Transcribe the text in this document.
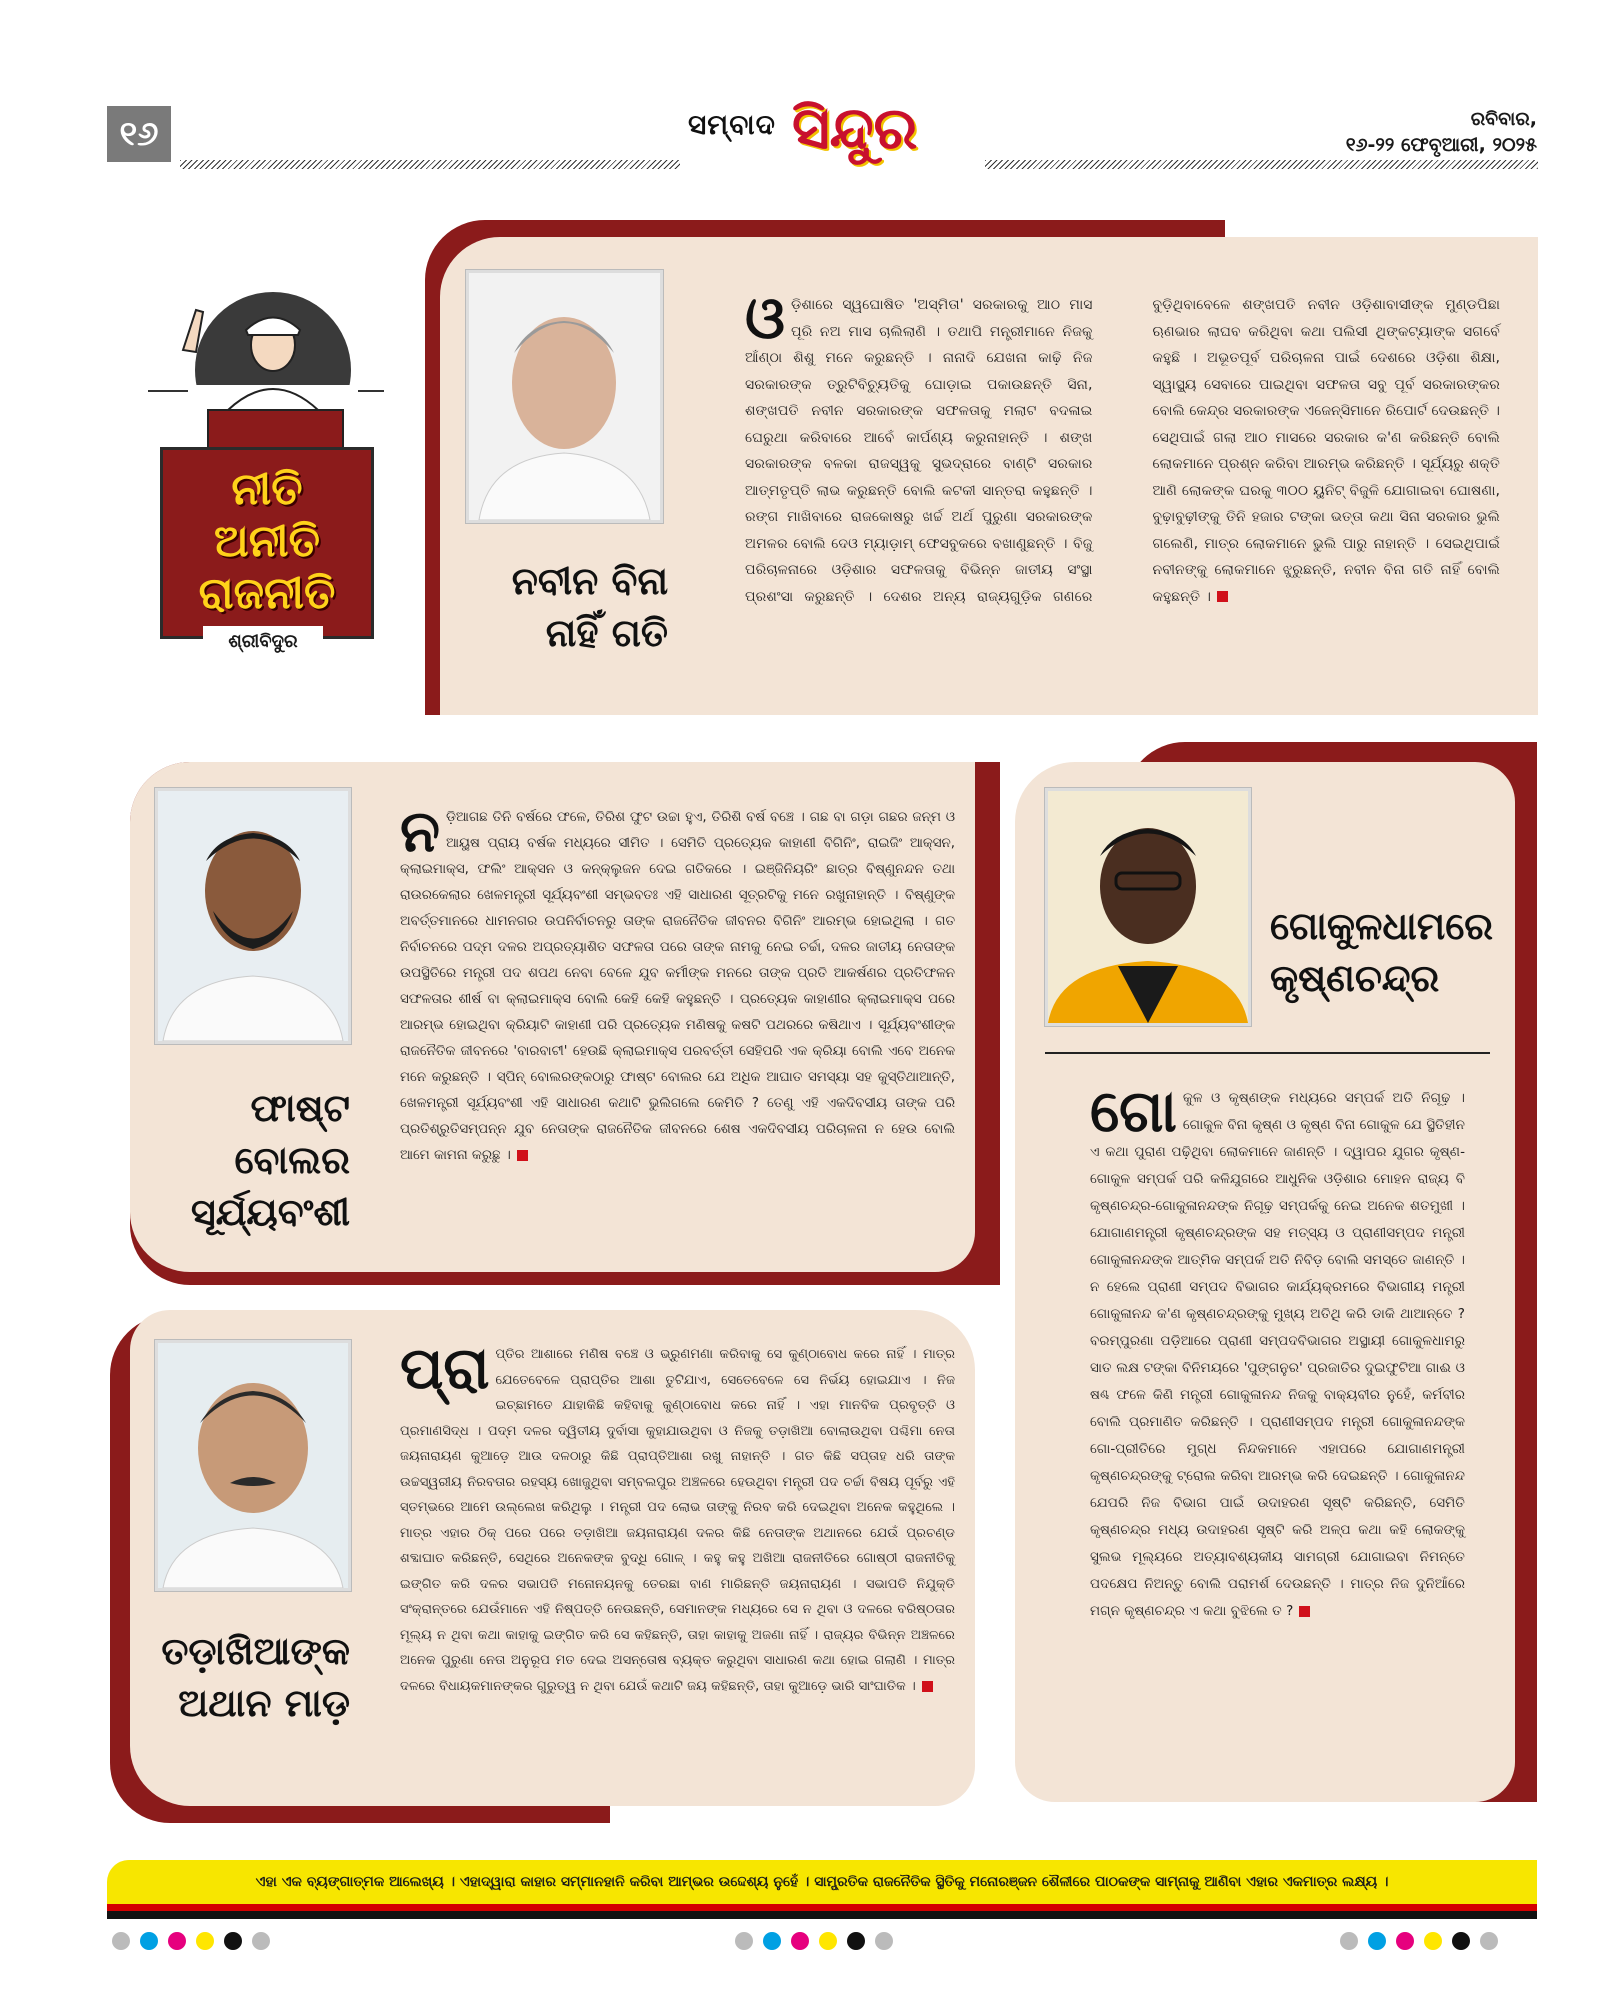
୧୬	ସମ୍ବାଦ ସିନ୍ଦୁର	ରବିବାର,
୧୬-୨୨ ଫେବୃଆରୀ, ୨୦୨୫
ନୀତି
ଅନୀତି
ରାଜନୀତି
ଶ୍ରୀବିଦୁର
ନବୀନ ବିନା
ନାହିଁ ଗତି
ଓଡ଼ିଶାରେ ସ୍ୱଘୋଷିତ 'ଅସ୍ମିତା' ସରକାରକୁ ଆଠ ମାସ ପୂରି ନଅ ମାସ ଚାଲିଲାଣି । ତଥାପି ମନ୍ତ୍ରୀମାନେ ନିଜକୁ ଆଁଣ୍ଠା ଶିଶୁ ମନେ କରୁଛନ୍ତି । ନାନାଦି ଯେଖନା କାଢ଼ି ନିଜ ସରକାରଙ୍କ ତ୍ରୁଟିବିଚ୍ୟୁତିକୁ ଘୋଡ଼ାଇ ପକାଉଛନ୍ତି ସିନା, ଶଙ୍ଖପତି ନବୀନ ସରକାରଙ୍କ ସଫଳତାକୁ ମଲାଟ ବଦଳାଇ ଘେରୁଥା କରିବାରେ ଆବେଁ କାର୍ପଣ୍ୟ କରୁନାହାନ୍ତି । ଶଙ୍ଖ ସରକାରଙ୍କ ବଳକା ରାଜସ୍ୱକୁ ସୁଭଦ୍ରାରେ ବାଣ୍ଟି ସରକାର ଆତ୍ମତୃପ୍ତି ଲାଭ କରୁଛନ୍ତି ବୋଲି କଟକୀ ସାନ୍ତରା କହୁଛନ୍ତି । ରଙ୍ଗ ମାଖିବାରେ ରାଜକୋଷରୁ ଖର୍ଚ୍ଚ ଅର୍ଥ ପୁରୁଣା ସରକାରଙ୍କ ଅମଳର ବୋଲି ଦେଓ ମ୍ୟାଡ଼ାମ୍ ଫେସବୁକରେ ବଖାଣୁଛନ୍ତି । ବିଜୁ ପରିଚାଳନାରେ ଓଡ଼ିଶାର ସଫଳତାକୁ ବିଭିନ୍ନ ଜାତୀୟ ସଂସ୍ଥା ପ୍ରଶଂସା କରୁଛନ୍ତି । ଦେଶର ଅନ୍ୟ ରାଜ୍ୟଗୁଡ଼ିକ ଗଣରେ ବୁଡ଼ିଥିବାବେଳେ ଶଙ୍ଖପତି ନବୀନ ଓଡ଼ିଶାବାସୀଙ୍କ ମୁଣ୍ଡପିଛା ଋଣଭାର ଲାଘବ କରିଥିବା କଥା ପଲିସୀ ଥିଙ୍କଟ୍ୟାଙ୍କ ସଗର୍ବେ କହୁଛି । ଅଭୂତପୂର୍ବ ପରିଚାଳନା ପାଇଁ ଦେଶରେ ଓଡ଼ିଶା ଶିକ୍ଷା, ସ୍ୱାସ୍ଥ୍ୟ ସେବାରେ ପାଇଥିବା ସଫଳତା ସବୁ ପୂର୍ବ ସରକାରଙ୍କର ବୋଲି କେନ୍ଦ୍ର ସରକାରଙ୍କ ଏଜେନ୍ସିମାନେ ରିପୋର୍ଟ ଦେଉଛନ୍ତି । ସେଥିପାଇଁ ଗଲା ଆଠ ମାସରେ ସରକାର କ'ଣ କରିଛନ୍ତି ବୋଲି ଲୋକମାନେ ପ୍ରଶ୍ନ କରିବା ଆରମ୍ଭ କରିଛନ୍ତି । ସୂର୍ଯ୍ୟରୁ ଶକ୍ତି ଆଣି ଲୋକଙ୍କ ଘରକୁ ୩୦୦ ୟୁନିଟ୍ ବିଜୁଳି ଯୋଗାଇବା ଘୋଷଣା, ବୁଢ଼ାବୁଢ଼ୀଙ୍କୁ ତିନି ହଜାର ଟଙ୍କା ଭତ୍ତା କଥା ସିନା ସରକାର ଭୁଲି ଗଲେଣି, ମାତ୍ର ଲୋକମାନେ ଭୁଲି ପାରୁ ନାହାନ୍ତି । ସେଇଥିପାଇଁ ନବୀନଙ୍କୁ ଲୋକମାନେ ଝୁରୁଛନ୍ତି, ନବୀନ ବିନା ଗତି ନାହିଁ ବୋଲି କହୁଛନ୍ତି ।
ଫାଷ୍ଟ ବୋଲର
ସୂର୍ଯ୍ୟବଂଶୀ
ନଡ଼ିଆଗଛ ତିନି ବର୍ଷରେ ଫଳେ, ତିରିଶ ଫୁଟ ଉଚ୍ଚା ହୁଏ, ତିରିଶି ବର୍ଷ ବଞ୍ଚେ । ଗଛ ବା ଗଡ଼ା ଗଛର ଜନ୍ମ ଓ ଆୟୁଷ ପ୍ରାୟ ବର୍ଷକ ମଧ୍ୟରେ ସୀମିତ । ସେମିତି ପ୍ରତ୍ୟେକ କାହାଣୀ ବିଗିନିଂ, ରାଇଜିଂ ଆକ୍ସନ, କ୍ଲାଇମାକ୍ସ, ଫଲିଂ ଆକ୍ସନ ଓ କନ୍‌କ୍ଲୁଜନ ଦେଇ ଗତିକରେ । ଇଞ୍ଜିନିୟରିଂ ଛାତ୍ର ବିଷ୍ଣୁନନ୍ଦନ ତଥା ରାଉରକେଲାର ଖେଳମନ୍ତ୍ରୀ ସୂର୍ଯ୍ୟବଂଶୀ ସମ୍ଭବତଃ ଏହି ସାଧାରଣ ସୂତ୍ରଟିକୁ ମନେ ରଖୁନାହାନ୍ତି । ବିଷ୍ଣୁଙ୍କ ଅବର୍ତ୍ତମାନରେ ଧାମନଗର ଉପନିର୍ବାଚନରୁ ତାଙ୍କ ରାଜନୈତିକ ଜୀବନର ବିଗିନିଂ ଆରମ୍ଭ ହୋଇଥିଲା । ଗତ ନିର୍ବାଚନରେ ପଦ୍ମ ଦଳର ଅପ୍ରତ୍ୟାଶିତ ସଫଳତା ପରେ ତାଙ୍କ ନାମକୁ ନେଇ ଚର୍ଚ୍ଚା, ଦଳର ଜାତୀୟ ନେତାଙ୍କ ଉପସ୍ଥିତିରେ ମନ୍ତ୍ରୀ ପଦ ଶପଥ ନେବା ବେଳେ ଯୁବ କର୍ମୀଙ୍କ ମନରେ ତାଙ୍କ ପ୍ରତି ଆକର୍ଷଣର ପ୍ରତିଫଳନ ସଫଳତାର ଶୀର୍ଷ ବା କ୍ଲାଇମାକ୍ସ ବୋଲି କେହି କେହି କହୁଛନ୍ତି । ପ୍ରତ୍ୟେକ କାହାଣୀର କ୍ଲାଇମାକ୍ସ ପରେ ଆରମ୍ଭ ହୋଇଥିବା କ୍ରିୟାଟି କାହାଣୀ ପରି ପ୍ରତ୍ୟେକ ମଣିଷକୁ କଷଟି ପଥରରେ କଷିଥାଏ । ସୂର୍ଯ୍ୟବଂଶୀଙ୍କ ରାଜନୈତିକ ଜୀବନରେ 'ବାରବାଟୀ' ହେଉଛି କ୍ଲାଇମାକ୍ସ ପରବର୍ତ୍ତୀ ସେହିପରି ଏକ କ୍ରିୟା ବୋଲି ଏବେ ଅନେକ ମନେ କରୁଛନ୍ତି । ସ୍ପିନ୍ ବୋଲରଙ୍କଠାରୁ ଫାଷ୍ଟ ବୋଲର ଯେ ଅଧିକ ଆଘାତ ସମସ୍ୟା ସହ କୁସ୍ତିଥାଆନ୍ତି, ଖେଳମନ୍ତ୍ରୀ ସୂର୍ଯ୍ୟବଂଶୀ ଏହି ସାଧାରଣ କଥାଟି ଭୁଲିଗଲେ କେମିତି ? ତେଣୁ ଏହି ଏକଦିବସୀୟ ତାଙ୍କ ପରି ପ୍ରତିଶ୍ରୁତିସମ୍ପନ୍ନ ଯୁବ ନେତାଙ୍କ ରାଜନୈତିକ ଜୀବନରେ ଶେଷ ଏକଦିବସୀୟ ପରିଚାଳନା ନ ହେଉ ବୋଲି ଆମେ କାମନା କରୁଛୁ ।
ଗୋକୁଳଧାମରେ
କୃଷ୍ଣଚନ୍ଦ୍ର
ଗୋକୁଳ ଓ କୃଷ୍ଣଙ୍କ ମଧ୍ୟରେ ସମ୍ପର୍କ ଅତି ନିଗୂଢ଼ । ଗୋକୁଳ ବିନା କୃଷ୍ଣ ଓ କୃଷ୍ଣ ବିନା ଗୋକୁଳ ଯେ ସ୍ଥିତିହୀନ ଏ କଥା ପୁରାଣ ପଢ଼ିଥିବା ଲୋକମାନେ ଜାଣନ୍ତି । ଦ୍ୱାପର ଯୁଗର କୃଷ୍ଣ-ଗୋକୁଳ ସମ୍ପର୍କ ପରି କଳିଯୁଗରେ ଆଧୁନିକ ଓଡ଼ିଶାର ମୋହନ ରାଜ୍ୟ ବି କୃଷ୍ଣଚନ୍ଦ୍ର-ଗୋକୁଳାନନ୍ଦଙ୍କ ନିଗୂଢ଼ ସମ୍ପର୍କକୁ ନେଇ ଅନେକ ଶତମୁଖୀ । ଯୋଗାଣମନ୍ତ୍ରୀ କୃଷ୍ଣଚନ୍ଦ୍ରଙ୍କ ସହ ମତ୍ସ୍ୟ ଓ ପ୍ରାଣୀସମ୍ପଦ ମନ୍ତ୍ରୀ ଗୋକୁଳାନନ୍ଦଙ୍କ ଆତ୍ମିକ ସମ୍ପର୍କ ଅତି ନିବିଡ଼ ବୋଲି ସମସ୍ତେ ଜାଣନ୍ତି । ନ ହେଲେ ପ୍ରାଣୀ ସମ୍ପଦ ବିଭାଗର କାର୍ଯ୍ୟକ୍ରମରେ ବିଭାଗୀୟ ମନ୍ତ୍ରୀ ଗୋକୁଳାନନ୍ଦ କ'ଣ କୃଷ୍ଣଚନ୍ଦ୍ରଙ୍କୁ ମୁଖ୍ୟ ଅତିଥି କରି ଡାକି ଥାଆନ୍ତେ ? ବରମ୍ପୁରଣା ପଡ଼ିଆରେ ପ୍ରାଣୀ ସମ୍ପଦବିଭାଗର ଅସ୍ଥାୟୀ ଗୋକୁଳଧାମରୁ ସାତ ଲକ୍ଷ ଟଙ୍କା ବିନିମୟରେ 'ପୁଙ୍ଗନୁର' ପ୍ରଜାତିର ଦୁଇଫୁଟିଆ ଗାଈ ଓ ଷଣ୍ଢ ଫଳେ କିଣି ମନ୍ତ୍ରୀ ଗୋକୁଳାନନ୍ଦ ନିଜକୁ ବାକ୍ୟବୀର ନୁହେଁ, କର୍ମବୀର ବୋଲି ପ୍ରମାଣିତ କରିଛନ୍ତି । ପ୍ରାଣୀସମ୍ପଦ ମନ୍ତ୍ରୀ ଗୋକୁଳାନନ୍ଦଙ୍କ ଗୋ-ପ୍ରୀତିରେ ମୁଗ୍ଧ ନିନ୍ଦକମାନେ ଏହାପରେ ଯୋଗାଣମନ୍ତ୍ରୀ କୃଷ୍ଣଚନ୍ଦ୍ରଙ୍କୁ ଟ୍ରୋଲ କରିବା ଆରମ୍ଭ କରି ଦେଇଛନ୍ତି । ଗୋକୁଳାନନ୍ଦ ଯେପରି ନିଜ ବିଭାଗ ପାଇଁ ଉଦାହରଣ ସୃଷ୍ଟି କରିଛନ୍ତି, ସେମିତି କୃଷ୍ଣଚନ୍ଦ୍ର ମଧ୍ୟ ଉଦାହରଣ ସୃଷ୍ଟି କରି ଅଳ୍ପ କଥା କହି ଲୋକଙ୍କୁ ସୁଲଭ ମୂଲ୍ୟରେ ଅତ୍ୟାବଶ୍ୟକୀୟ ସାମଗ୍ରୀ ଯୋଗାଇବା ନିମନ୍ତେ ପଦକ୍ଷେପ ନିଅନ୍ତୁ ବୋଲି ପରାମର୍ଶ ଦେଉଛନ୍ତି । ମାତ୍ର ନିଜ ଦୁନିଆଁରେ ମଗ୍ନ କୃଷ୍ଣଚନ୍ଦ୍ର ଏ କଥା ବୁଝିଲେ ତ ?
ତଡ଼ାଖିଆଙ୍କ
ଅଥାନ ମାଡ଼
ପ୍ରା ପ୍ତିର ଆଶାରେ ମଣିଷ ବଞ୍ଚେ ଓ ଭ୍ରୁଣମଣା କରିବାକୁ ସେ କୁଣ୍ଠାବୋଧ କରେ ନାହିଁ । ମାତ୍ର ଯେତେବେଳେ ପ୍ରାପ୍ତିର ଆଶା ତୁଟିଯାଏ, ସେତେବେଳେ ସେ ନିର୍ଭୟ ହୋଇଯାଏ । ନିଜ ଇଚ୍ଛାମତେ ଯାହାକିଛି କହିବାକୁ କୁଣ୍ଠାବୋଧ କରେ ନାହିଁ । ଏହା ମାନବିକ ପ୍ରବୃତ୍ତି ଓ ପ୍ରମାଣସିଦ୍ଧ । ପଦ୍ମ ଦଳର ଦ୍ୱିତୀୟ ଦୁର୍ବାସା କୁହାଯାଉଥିବା ଓ ନିଜକୁ ତଡ଼ାଖିଆ ବୋଲାଉଥିବା ପଶ୍ଚିମା ନେତା ଜୟନାରାୟଣ କୁଆଡ଼େ ଆଉ ଦଳଠାରୁ କିଛି ପ୍ରାପ୍ତିଆଶା ରଖୁ ନାହାନ୍ତି । ଗତ କିଛି ସପ୍ତାହ ଧରି ତାଙ୍କ ଉଚ୍ଚସ୍ୱରୀୟ ନିରବତାର ରହସ୍ୟ ଖୋଜୁଥିବା ସମ୍ବଲପୁର ଅଞ୍ଚଳରେ ହେଉଥିବା ମନ୍ତ୍ରୀ ପଦ ଚର୍ଚ୍ଚା ବିଷୟ ପୂର୍ବରୁ ଏହି ସ୍ତମ୍ଭରେ ଆମେ ଉଲ୍ଲେଖ କରିଥିଲୁ । ମନ୍ତ୍ରୀ ପଦ ଲୋଭ ତାଙ୍କୁ ନିରବ କରି ଦେଇଥିବା ଅନେକ କହୁଥିଲେ । ମାତ୍ର ଏହାର ଠିକ୍ ପରେ ପରେ ତଡ଼ାଖିଆ ଜୟନାରାୟଣ ଦଳର କିଛି ନେତାଙ୍କ ଅଥାନରେ ଯେଉଁ ପ୍ରଚଣ୍ଡ ଶବ୍ଦାଘାତ କରିଛନ୍ତି, ସେଥିରେ ଅନେକଙ୍କ ବୁଦ୍ଧି ଗୋଳ୍ । କହୁ କହୁ ଅଖିଆ ରାଜନୀତିରେ ଗୋଷ୍ଠୀ ରାଜନୀତିକୁ ଇଙ୍ଗିତ କରି ଦଳର ସଭାପତି ମନୋନୟନକୁ ତେରଛା ବାଣ ମାରିଛନ୍ତି ଜୟନାରାୟଣ । ସଭାପତି ନିଯୁକ୍ତି ସଂକ୍ରାନ୍ତରେ ଯେଉଁମାନେ ଏହି ନିଷ୍ପତ୍ତି ନେଉଛନ୍ତି, ସେମାନଙ୍କ ମଧ୍ୟରେ ସେ ନ ଥିବା ଓ ଦଳରେ ବରିଷ୍ଠତାର ମୂଲ୍ୟ ନ ଥିବା କଥା କାହାକୁ ଇଙ୍ଗିତ କରି ସେ କହିଛନ୍ତି, ତାହା କାହାକୁ ଅଜଣା ନାହିଁ । ରାଜ୍ୟର ବିଭିନ୍ନ ଅଞ୍ଚଳରେ ଅନେକ ପୁରୁଣା ନେତା ଅନୁରୂପ ମତ ଦେଇ ଅସନ୍ତୋଷ ବ୍ୟକ୍ତ କରୁଥିବା ସାଧାରଣ କଥା ହୋଇ ଗଲାଣି । ମାତ୍ର ଦଳରେ ବିଧାୟକମାନଙ୍କର ଗୁରୁତ୍ୱ ନ ଥିବା ଯେଉଁ କଥାଟି ଜୟ କହିଛନ୍ତି, ତାହା କୁଆଡ଼େ ଭାରି ସାଂଘାତିକ ।
ଏହା ଏକ ବ୍ୟଙ୍ଗାତ୍ମକ ଆଲେଖ୍ୟ । ଏହାଦ୍ୱାରା କାହାର ସମ୍ମାନହାନି କରିବା ଆମ୍ଭର ଉଦ୍ଦେଶ୍ୟ ନୁହେଁ । ସାମ୍ପ୍ରତିକ ରାଜନୈତିକ ସ୍ଥିତିକୁ ମନୋରଞ୍ଜନ ଶୈଳୀରେ ପାଠକଙ୍କ ସାମ୍ନାକୁ ଆଣିବା ଏହାର ଏକମାତ୍ର ଲକ୍ଷ୍ୟ ।
